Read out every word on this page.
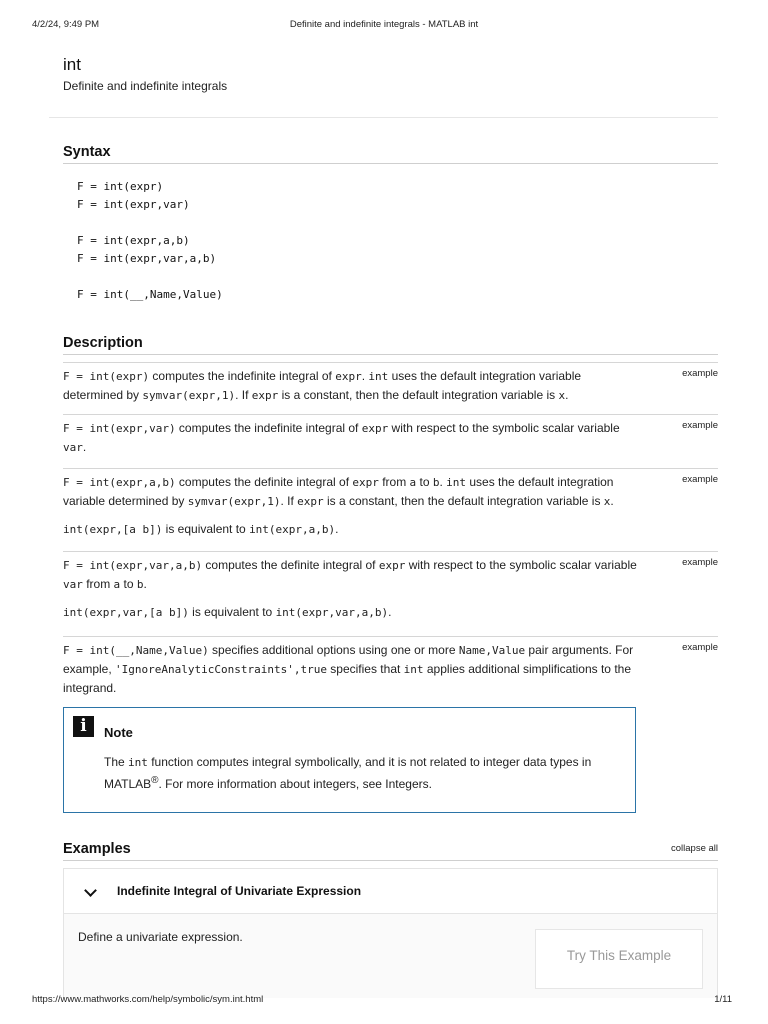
4/2/24, 9:49 PM	Definite and indefinite integrals - MATLAB int
int
Definite and indefinite integrals
Syntax
F = int(expr)
F = int(expr,var)
F = int(expr,a,b)
F = int(expr,var,a,b)
F = int(__,Name,Value)
Description

F = int(expr) computes the indefinite integral of expr. int uses the default integration variable determined by symvar(expr,1). If expr is a constant, then the default integration variable is x.

example

F = int(expr,var) computes the indefinite integral of expr with respect to the symbolic scalar variable var.

example

F = int(expr,a,b) computes the definite integral of expr from a to b. int uses the default integration variable determined by symvar(expr,1). If expr is a constant, then the default integration variable is x.

int(expr,[a b]) is equivalent to int(expr,a,b).

example

F = int(expr,var,a,b) computes the definite integral of expr with respect to the symbolic scalar variable var from a to b.

int(expr,var,[a b]) is equivalent to int(expr,var,a,b).

example

F = int(__,Name,Value) specifies additional options using one or more Name,Value pair arguments. For example, 'IgnoreAnalyticConstraints',true specifies that int applies additional simplifications to the integrand.

example
i	Note
The int function computes integral symbolically, and it is not related to integer data types in MATLAB®. For more information about integers, see Integers.
Examples	collapse all
Indefinite Integral of Univariate Expression
Define a univariate expression.
Try This Example
https://www.mathworks.com/help/symbolic/sym.int.html	1/11
